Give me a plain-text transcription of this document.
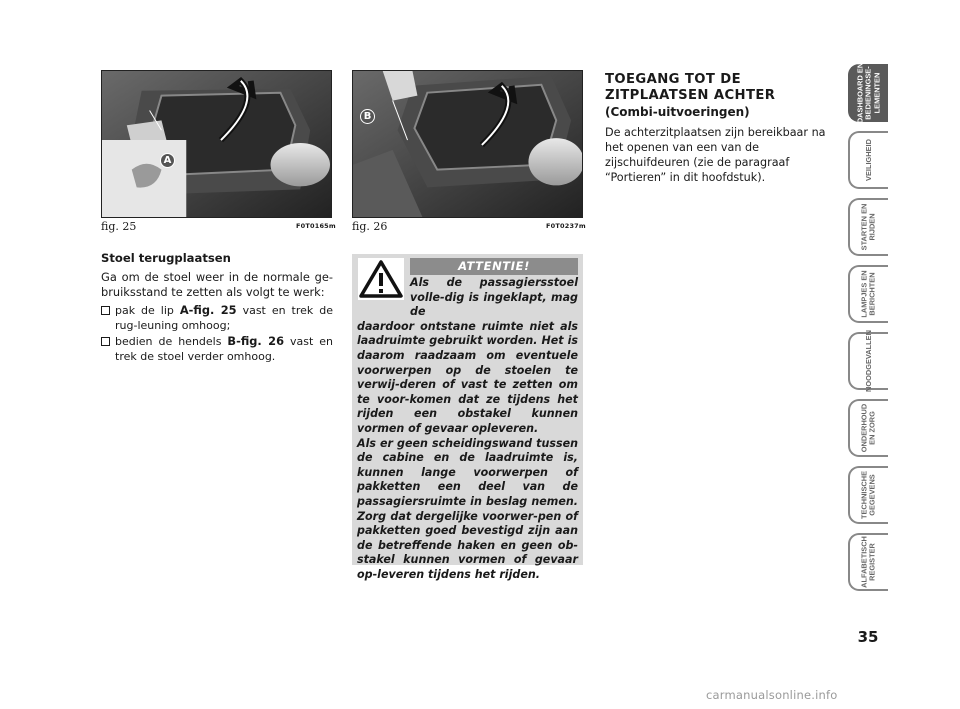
A
fig. 25	F0T0165m
B
fig. 26	F0T0237m
Stoel terugplaatsen

Ga om de stoel weer in de normale ge-bruiksstand te zetten als volgt te werk:

pak de lip A-fig. 25 vast en trek de rug-leuning omhoog;
bedien de hendels B-fig. 26 vast en trek de stoel verder omhoog.
ATTENTIE!
Als de passagiersstoel volle-dig is ingeklapt, mag de

daardoor ontstane ruimte niet als laadruimte gebruikt worden. Het is daarom raadzaam om eventuele voorwerpen op de stoelen te verwij-deren of vast te zetten om te voor-komen dat ze tijdens het rijden een obstakel kunnen vormen of gevaar opleveren.

Als er geen scheidingswand tussen de cabine en de laadruimte is, kunnen lange voorwerpen of pakketten een deel van de passagiersruimte in beslag nemen. Zorg dat dergelijke voorwer-pen of pakketten goed bevestigd zijn aan de betreffende haken en geen ob-stakel kunnen vormen of gevaar op-leveren tijdens het rijden.

TOEGANG TOT DE
ZITPLAATSEN ACHTER
(Combi-uitvoeringen)

De achterzitplaatsen zijn bereikbaar na het openen van een van de zijschuifdeuren (zie de paragraaf “Portieren” in dit hoofdstuk).

DASHBOARD EN
BEDIENINGSE-
LEMENTEN
VEILIGHEID
STARTEN EN
RIJDEN
LAMPJES EN
BERICHTEN
NOODGEVALLEN
ONDERHOUD
EN ZORG
TECHNISCHE
GEGEVENS
ALFABETISCH
REGISTER
35
carmanualsonline.info
